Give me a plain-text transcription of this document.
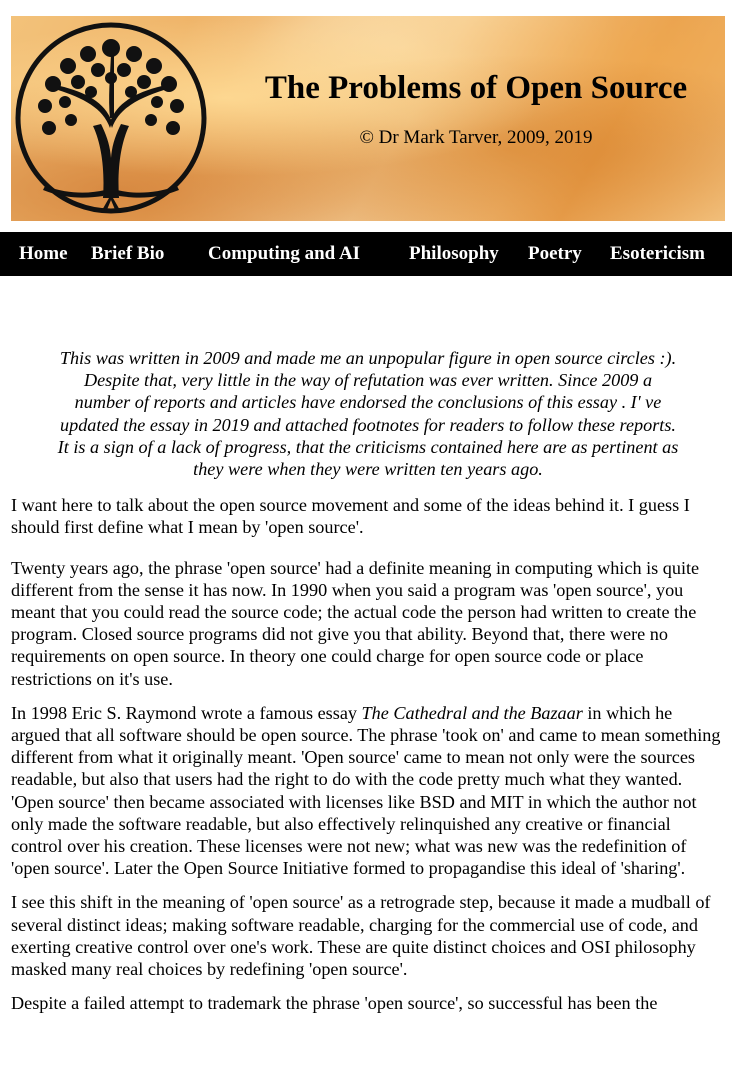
The Problems of Open Source
© Dr Mark Tarver, 2009, 2019
Home Brief Bio Computing and AI	Philosophy Poetry Esotericism
This was written in 2009 and made me an unpopular figure in open source circles :). Despite that, very little in the way of refutation was ever written. Since 2009 a number of reports and articles have endorsed the conclusions of this essay . I' ve updated the essay in 2019 and attached footnotes for readers to follow these reports. It is a sign of a lack of progress, that the criticisms contained here are as pertinent as they were when they were written ten years ago.

I want here to talk about the open source movement and some of the ideas behind it. I guess I should first define what I mean by 'open source'.

Twenty years ago, the phrase 'open source' had a definite meaning in computing which is quite different from the sense it has now. In 1990 when you said a program was 'open source', you meant that you could read the source code; the actual code the person had written to create the program. Closed source programs did not give you that ability. Beyond that, there were no requirements on open source. In theory one could charge for open source code or place restrictions on it's use.

In 1998 Eric S. Raymond wrote a famous essay The Cathedral and the Bazaar in which he argued that all software should be open source. The phrase 'took on' and came to mean something different from what it originally meant. 'Open source' came to mean not only were the sources readable, but also that users had the right to do with the code pretty much what they wanted. 'Open source' then became associated with licenses like BSD and MIT in which the author not only made the software readable, but also effectively relinquished any creative or financial control over his creation. These licenses were not new; what was new was the redefinition of 'open source'. Later the Open Source Initiative formed to propagandise this ideal of 'sharing'.

I see this shift in the meaning of 'open source' as a retrograde step, because it made a mudball of several distinct ideas; making software readable, charging for the commercial use of code, and exerting creative control over one's work. These are quite distinct choices and OSI philosophy masked many real choices by redefining 'open source'.

Despite a failed attempt to trademark the phrase 'open source', so successful has been the
